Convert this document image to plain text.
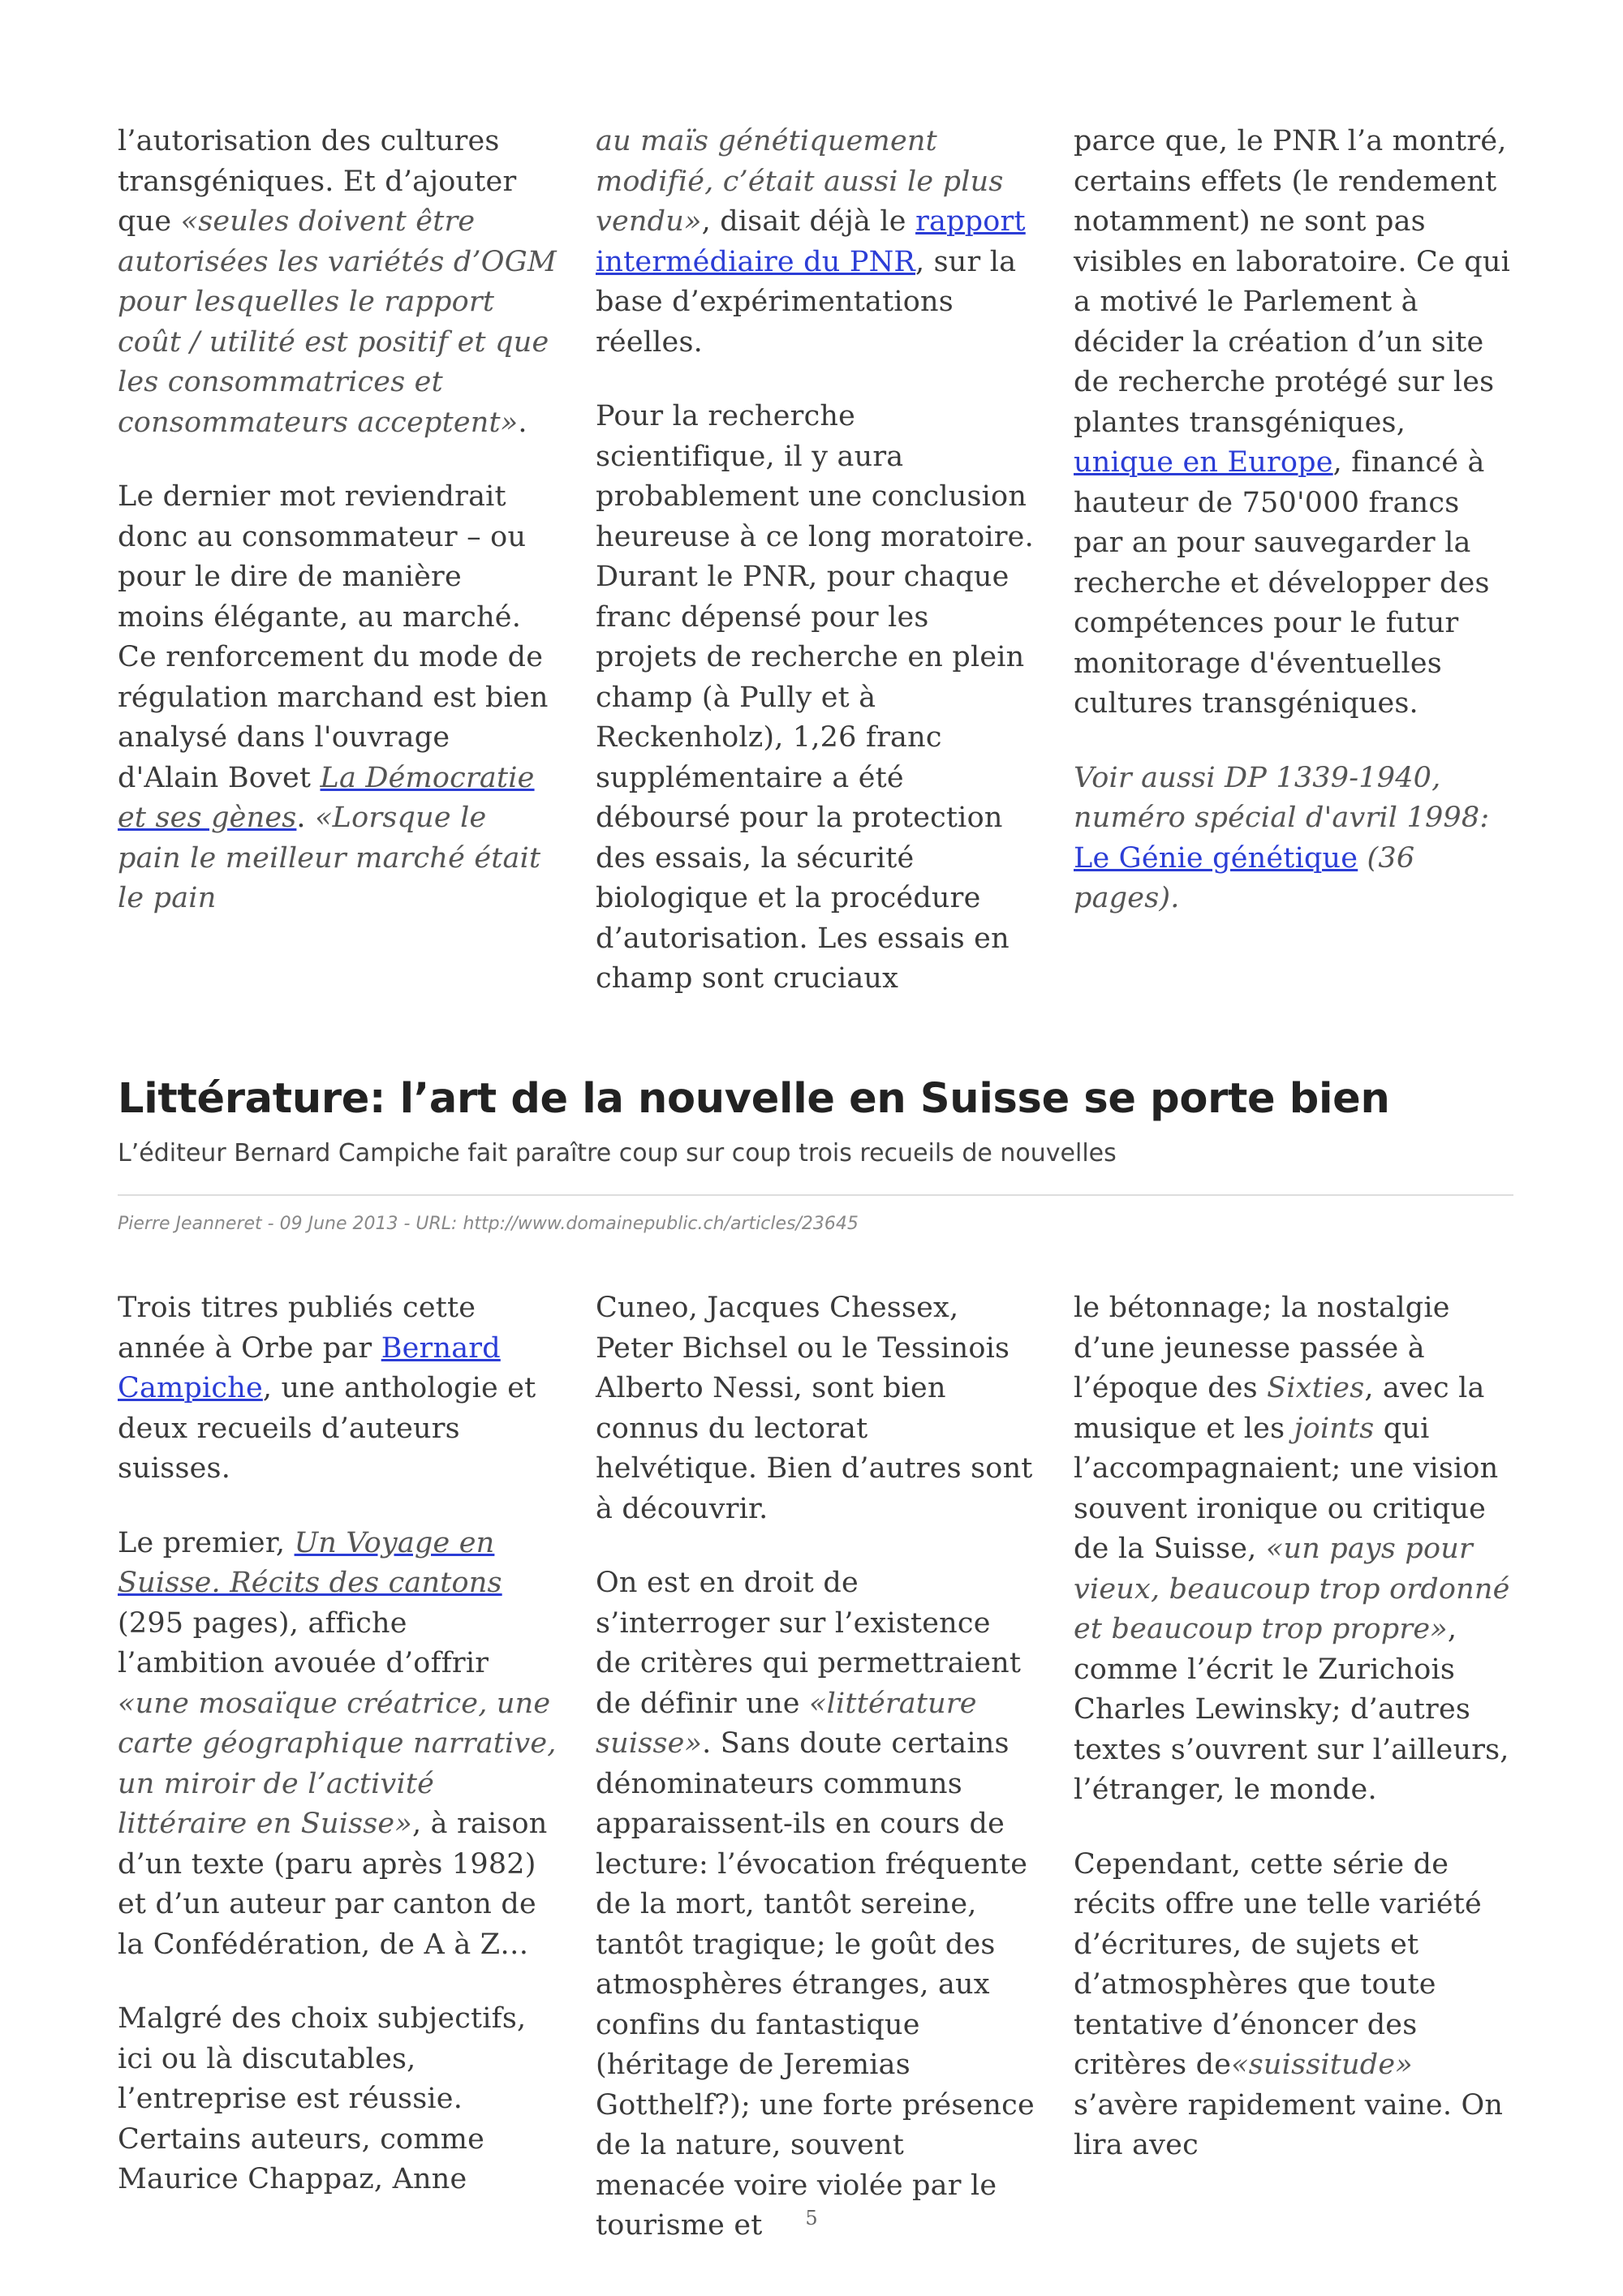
l’autorisation des cultures transgéniques. Et d’ajouter que «seules doivent être autorisées les variétés d’OGM pour lesquelles le rapport coût / utilité est positif et que les consommatrices et consommateurs acceptent».

Le dernier mot reviendrait donc au consommateur – ou pour le dire de manière moins élégante, au marché. Ce renforcement du mode de régulation marchand est bien analysé dans l'ouvrage d'Alain Bovet La Démocratie et ses gènes. «Lorsque le pain le meilleur marché était le pain

au maïs génétiquement modifié, c’était aussi le plus vendu», disait déjà le rapport intermédiaire du PNR, sur la base d’expérimentations réelles.

Pour la recherche scientifique, il y aura probablement une conclusion heureuse à ce long moratoire. Durant le PNR, pour chaque franc dépensé pour les projets de recherche en plein champ (à Pully et à Reckenholz), 1,26 franc supplémentaire a été déboursé pour la protection des essais, la sécurité biologique et la procédure d’autorisation. Les essais en champ sont cruciaux

parce que, le PNR l’a montré, certains effets (le rendement notamment) ne sont pas visibles en laboratoire. Ce qui a motivé le Parlement à décider la création d’un site de recherche protégé sur les plantes transgéniques, unique en Europe, financé à hauteur de 750'000 francs par an pour sauvegarder la recherche et développer des compétences pour le futur monitorage d'éventuelles cultures transgéniques.

Voir aussi DP 1339-1940, numéro spécial d'avril 1998: Le Génie génétique (36 pages).

Littérature: l’art de la nouvelle en Suisse se porte bien

L’éditeur Bernard Campiche fait paraître coup sur coup trois recueils de nouvelles

Pierre Jeanneret - 09 June 2013 - URL: http://www.domainepublic.ch/articles/23645

Trois titres publiés cette année à Orbe par Bernard Campiche, une anthologie et deux recueils d’auteurs suisses.

Le premier, Un Voyage en Suisse. Récits des cantons (295 pages), affiche l’ambition avouée d’offrir «une mosaïque créatrice, une carte géographique narrative, un miroir de l’activité littéraire en Suisse», à raison d’un texte (paru après 1982) et d’un auteur par canton de la Confédération, de A à Z…

Malgré des choix subjectifs, ici ou là discutables, l’entreprise est réussie. Certains auteurs, comme Maurice Chappaz, Anne

Cuneo, Jacques Chessex, Peter Bichsel ou le Tessinois Alberto Nessi, sont bien connus du lectorat helvétique. Bien d’autres sont à découvrir.

On est en droit de s’interroger sur l’existence de critères qui permettraient de définir une «littérature suisse». Sans doute certains dénominateurs communs apparaissent-ils en cours de lecture: l’évocation fréquente de la mort, tantôt sereine, tantôt tragique; le goût des atmosphères étranges, aux confins du fantastique (héritage de Jeremias Gotthelf?); une forte présence de la nature, souvent menacée voire violée par le tourisme et

le bétonnage; la nostalgie d’une jeunesse passée à l’époque des Sixties, avec la musique et les joints qui l’accompagnaient; une vision souvent ironique ou critique de la Suisse, «un pays pour vieux, beaucoup trop ordonné et beaucoup trop propre», comme l’écrit le Zurichois Charles Lewinsky; d’autres textes s’ouvrent sur l’ailleurs, l’étranger, le monde.

Cependant, cette série de récits offre une telle variété d’écritures, de sujets et d’atmosphères que toute tentative d’énoncer des critères de«suissitude» s’avère rapidement vaine. On lira avec

5
